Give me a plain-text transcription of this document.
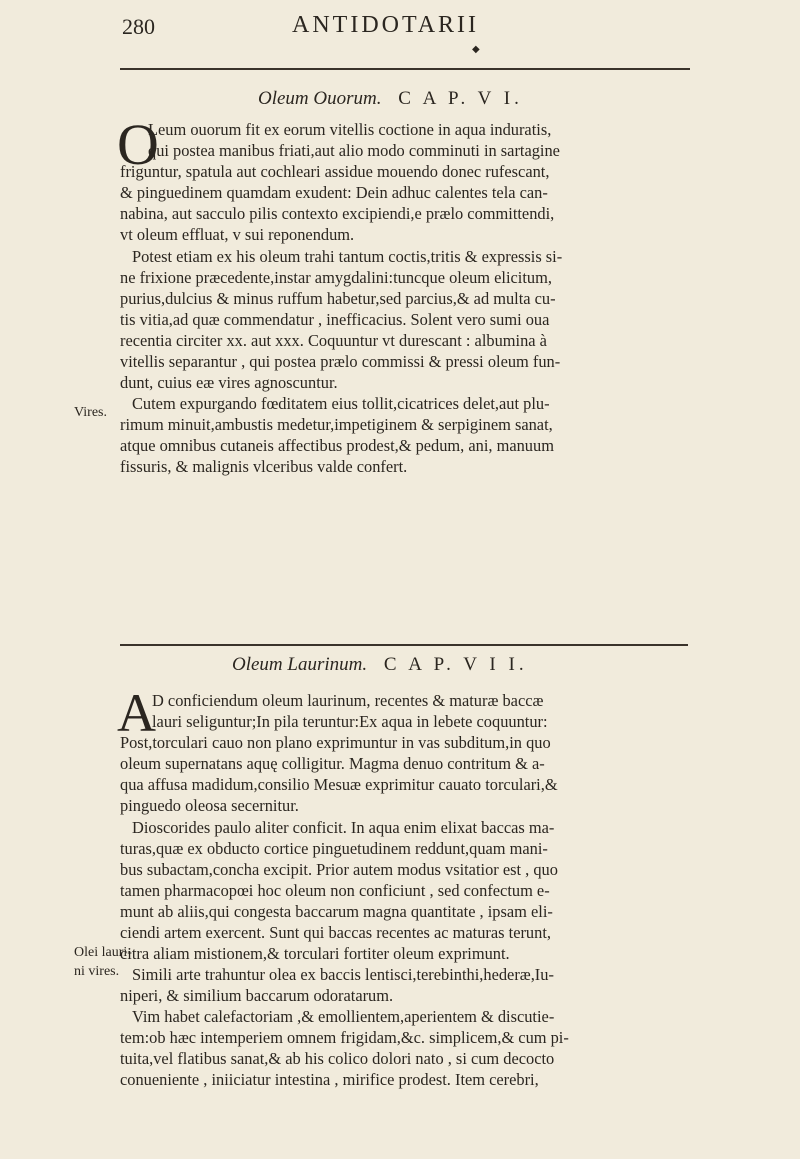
280	ANTIDOTARII
◆
Oleum Ouorum. C A P. V I.
O
Leum ouorum fit ex eorum vitellis coctione in aqua induratis,
qui postea manibus friati,aut alio modo comminuti in sartagine
friguntur, spatula aut cochleari assidue mouendo donec rufescant,
& pinguedinem quamdam exudent: Dein adhuc calentes tela can-
nabina, aut sacculo pilis contexto excipiendi,e prælo committendi,
vt oleum effluat, v sui reponendum.
Potest etiam ex his oleum trahi tantum coctis,tritis & expressis si-
ne frixione præcedente,instar amygdalini:tuncque oleum elicitum,
purius,dulcius & minus ruffum habetur,sed parcius,& ad multa cu-
tis vitia,ad quæ commendatur , inefficacius. Solent vero sumi oua
recentia circiter xx. aut xxx. Coquuntur vt durescant : albumina à
vitellis separantur , qui postea prælo commissi & pressi oleum fun-
dunt, cuius eæ vires agnoscuntur.
Cutem expurgando fœditatem eius tollit,cicatrices delet,aut plu-
rimum minuit,ambustis medetur,impetiginem & serpiginem sanat,
atque omnibus cutaneis affectibus prodest,& pedum, ani, manuum
fissuris, & malignis vlceribus valde confert.
Vires.
Oleum Laurinum. C A P. V I I.
A
D conficiendum oleum laurinum, recentes & maturæ baccæ
lauri seliguntur;In pila teruntur:Ex aqua in lebete coquuntur:
Post,torculari cauo non plano exprimuntur in vas subditum,in quo
oleum supernatans aquę colligitur. Magma denuo contritum & a-
qua affusa madidum,consilio Mesuæ exprimitur cauato torculari,&
pinguedo oleosa secernitur.
Dioscorides paulo aliter conficit. In aqua enim elixat baccas ma-
turas,quæ ex obducto cortice pinguetudinem reddunt,quam mani-
bus subactam,concha excipit. Prior autem modus vsitatior est , quo
tamen pharmacopœi hoc oleum non conficiunt , sed confectum e-
munt ab aliis,qui congesta baccarum magna quantitate , ipsam eli-
ciendi artem exercent. Sunt qui baccas recentes ac maturas terunt,
citra aliam mistionem,& torculari fortiter oleum exprimunt.
Simili arte trahuntur olea ex baccis lentisci,terebinthi,hederæ,Iu-
niperi, & similium baccarum odoratarum.
Vim habet calefactoriam ,& emollientem,aperientem & discutie-
tem:ob hæc intemperiem omnem frigidam,&c. simplicem,& cum pi-
tuita,vel flatibus sanat,& ab his colico dolori nato , si cum decocto
conueniente , iniiciatur intestina , mirifice prodest. Item cerebri,
Olei lauri-
ni vires.
